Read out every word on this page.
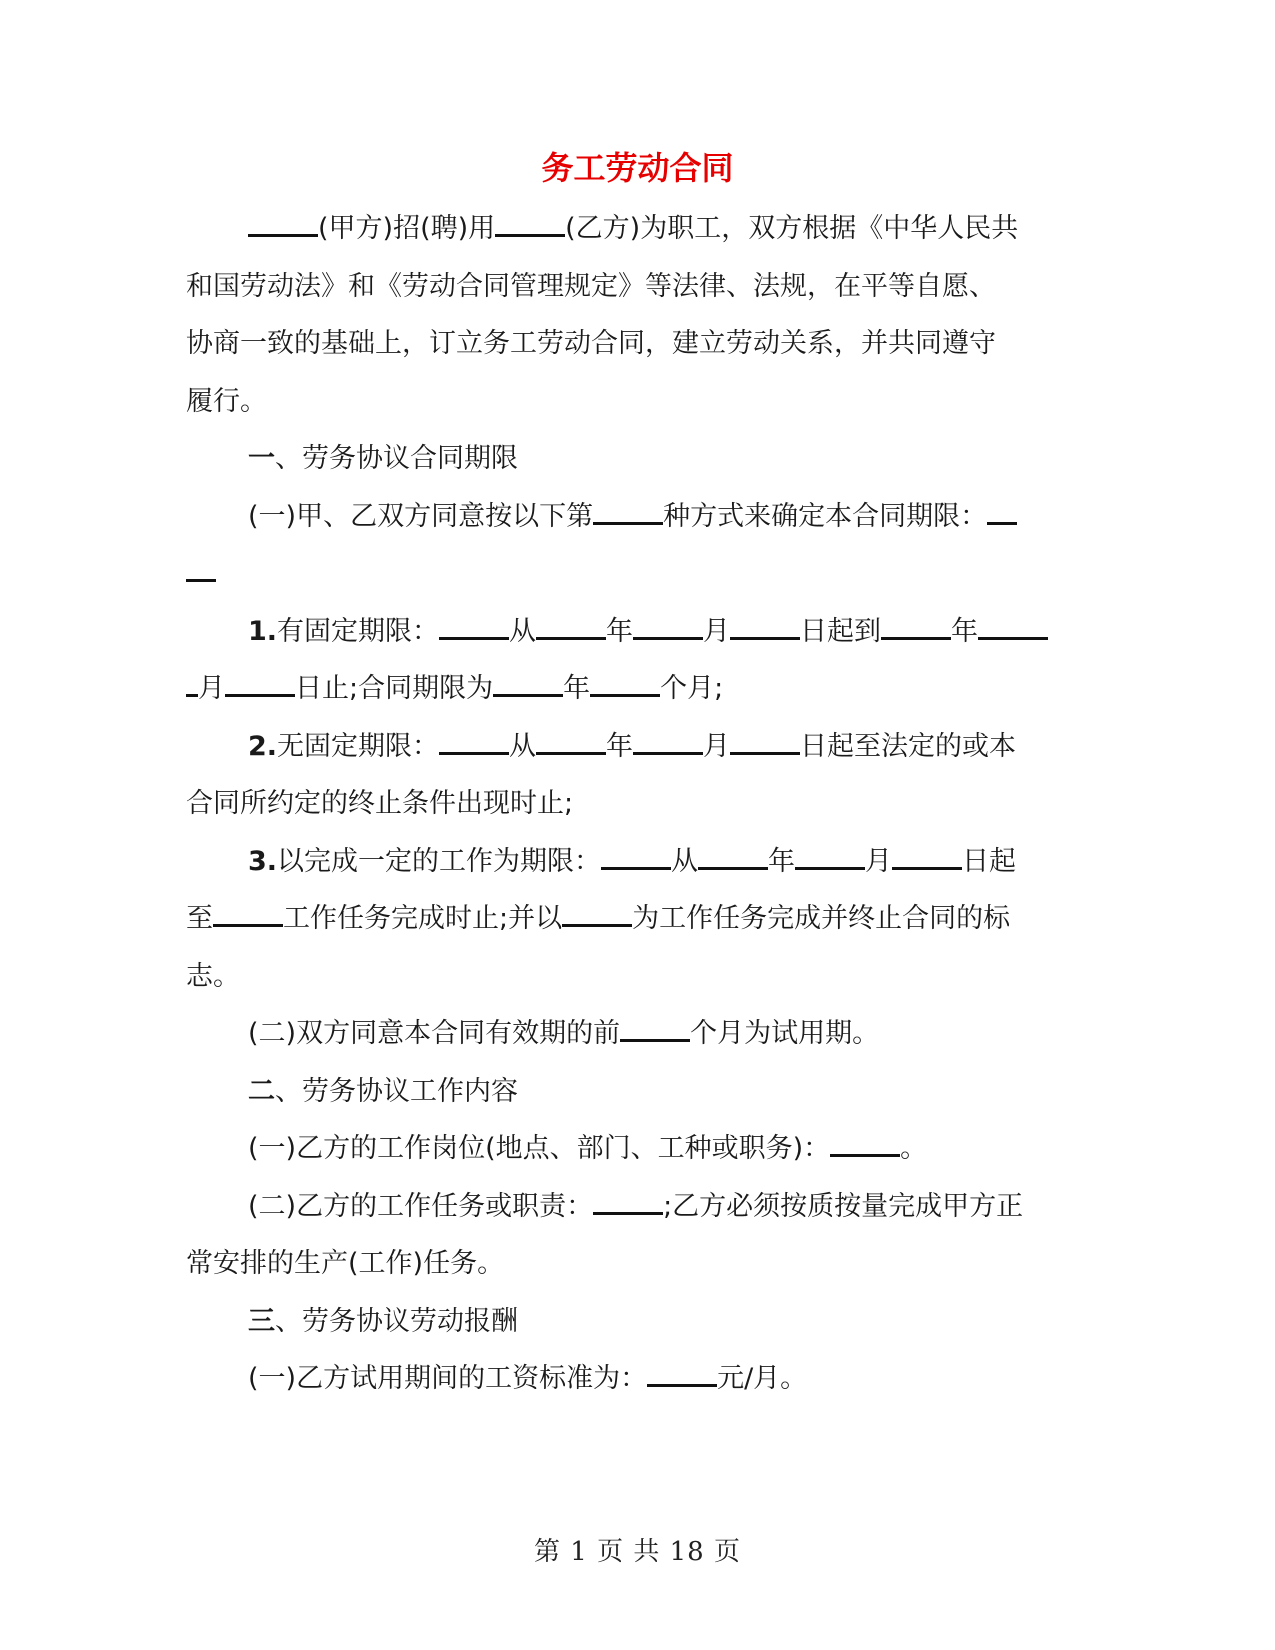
务工劳动合同

(甲方)招(聘)用	(乙方)为职工，双方根据《中华人民共

和国劳动法》和《劳动合同管理规定》等法律、法规，在平等自愿、

协商一致的基础上，订立务工劳动合同，建立劳动关系，并共同遵守

履行。

一、劳务协议合同期限

(一)甲、乙双方同意按以下第	种方式来确定本合同期限：

1.有固定期限：	从	年	月	日起到	年

月	日止;合同期限为	年	个月;

2.无固定期限：	从	年	月	日起至法定的或本

合同所约定的终止条件出现时止;

3.以完成一定的工作为期限：	从	年	月	日起

至	工作任务完成时止;并以	为工作任务完成并终止合同的标

志。

(二)双方同意本合同有效期的前	个月为试用期。

二、劳务协议工作内容

(一)乙方的工作岗位(地点、部门、工种或职务)：	。

(二)乙方的工作任务或职责：	;乙方必须按质按量完成甲方正

常安排的生产(工作)任务。

三、劳务协议劳动报酬

(一)乙方试用期间的工资标准为：	元/月。

第 1 页 共 18 页
